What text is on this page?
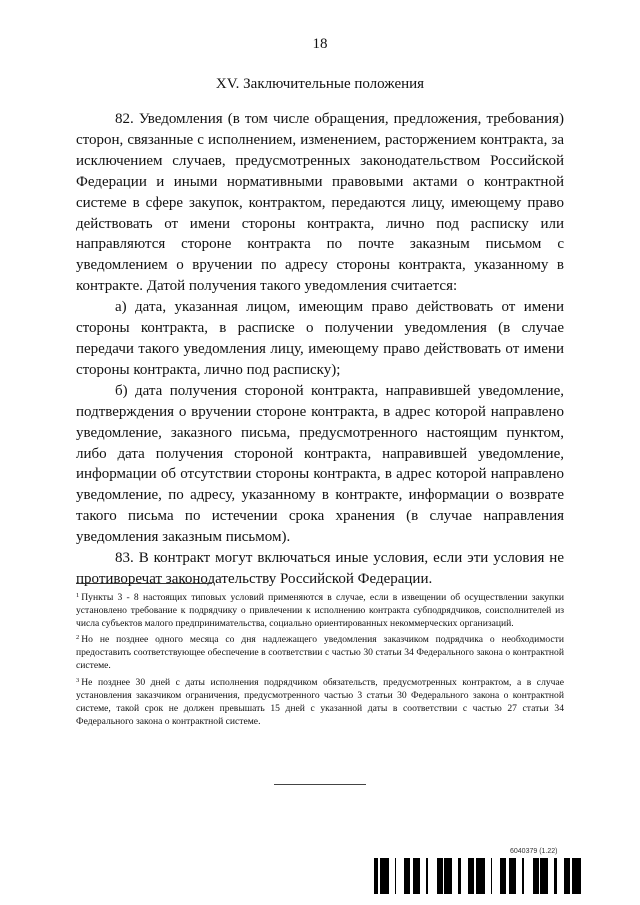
18
XV. Заключительные положения

82. Уведомления (в том числе обращения, предложения, требования) сторон, связанные с исполнением, изменением, расторжением контракта, за исключением случаев, предусмотренных законодательством Российской Федерации и иными нормативными правовыми актами о контрактной системе в сфере закупок, контрактом, передаются лицу, имеющему право действовать от имени стороны контракта, лично под расписку или направляются стороне контракта по почте заказным письмом с уведомлением о вручении по адресу стороны контракта, указанному в контракте. Датой получения такого уведомления считается:

а) дата, указанная лицом, имеющим право действовать от имени стороны контракта, в расписке о получении уведомления (в случае передачи такого уведомления лицу, имеющему право действовать от имени стороны контракта, лично под расписку);

б) дата получения стороной контракта, направившей уведомление, подтверждения о вручении стороне контракта, в адрес которой направлено уведомление, заказного письма, предусмотренного настоящим пунктом, либо дата получения стороной контракта, направившей уведомление, информации об отсутствии стороны контракта, в адрес которой направлено уведомление, по адресу, указанному в контракте, информации о возврате такого письма по истечении срока хранения (в случае направления уведомления заказным письмом).

83. В контракт могут включаться иные условия, если эти условия не противоречат законодательству Российской Федерации.

$^1$ Пункты 3 - 8 настоящих типовых условий применяются в случае, если в извещении об осуществлении закупки установлено требование к подрядчику о привлечении к исполнению контракта субподрядчиков, соисполнителей из числа субъектов малого предпринимательства, социально ориентированных некоммерческих организаций.

$^2$ Но не позднее одного месяца со дня надлежащего уведомления заказчиком подрядчика о необходимости предоставить соответствующее обеспечение в соответствии с частью 30 статьи 34 Федерального закона о контрактной системе.

$^3$ Не позднее 30 дней с даты исполнения подрядчиком обязательств, предусмотренных контрактом, а в случае установления заказчиком ограничения, предусмотренного частью 3 статьи 30 Федерального закона о контрактной системе, такой срок не должен превышать 15 дней с указанной даты в соответствии с частью 27 статьи 34 Федерального закона о контрактной системе.

6040379 (1.22)
